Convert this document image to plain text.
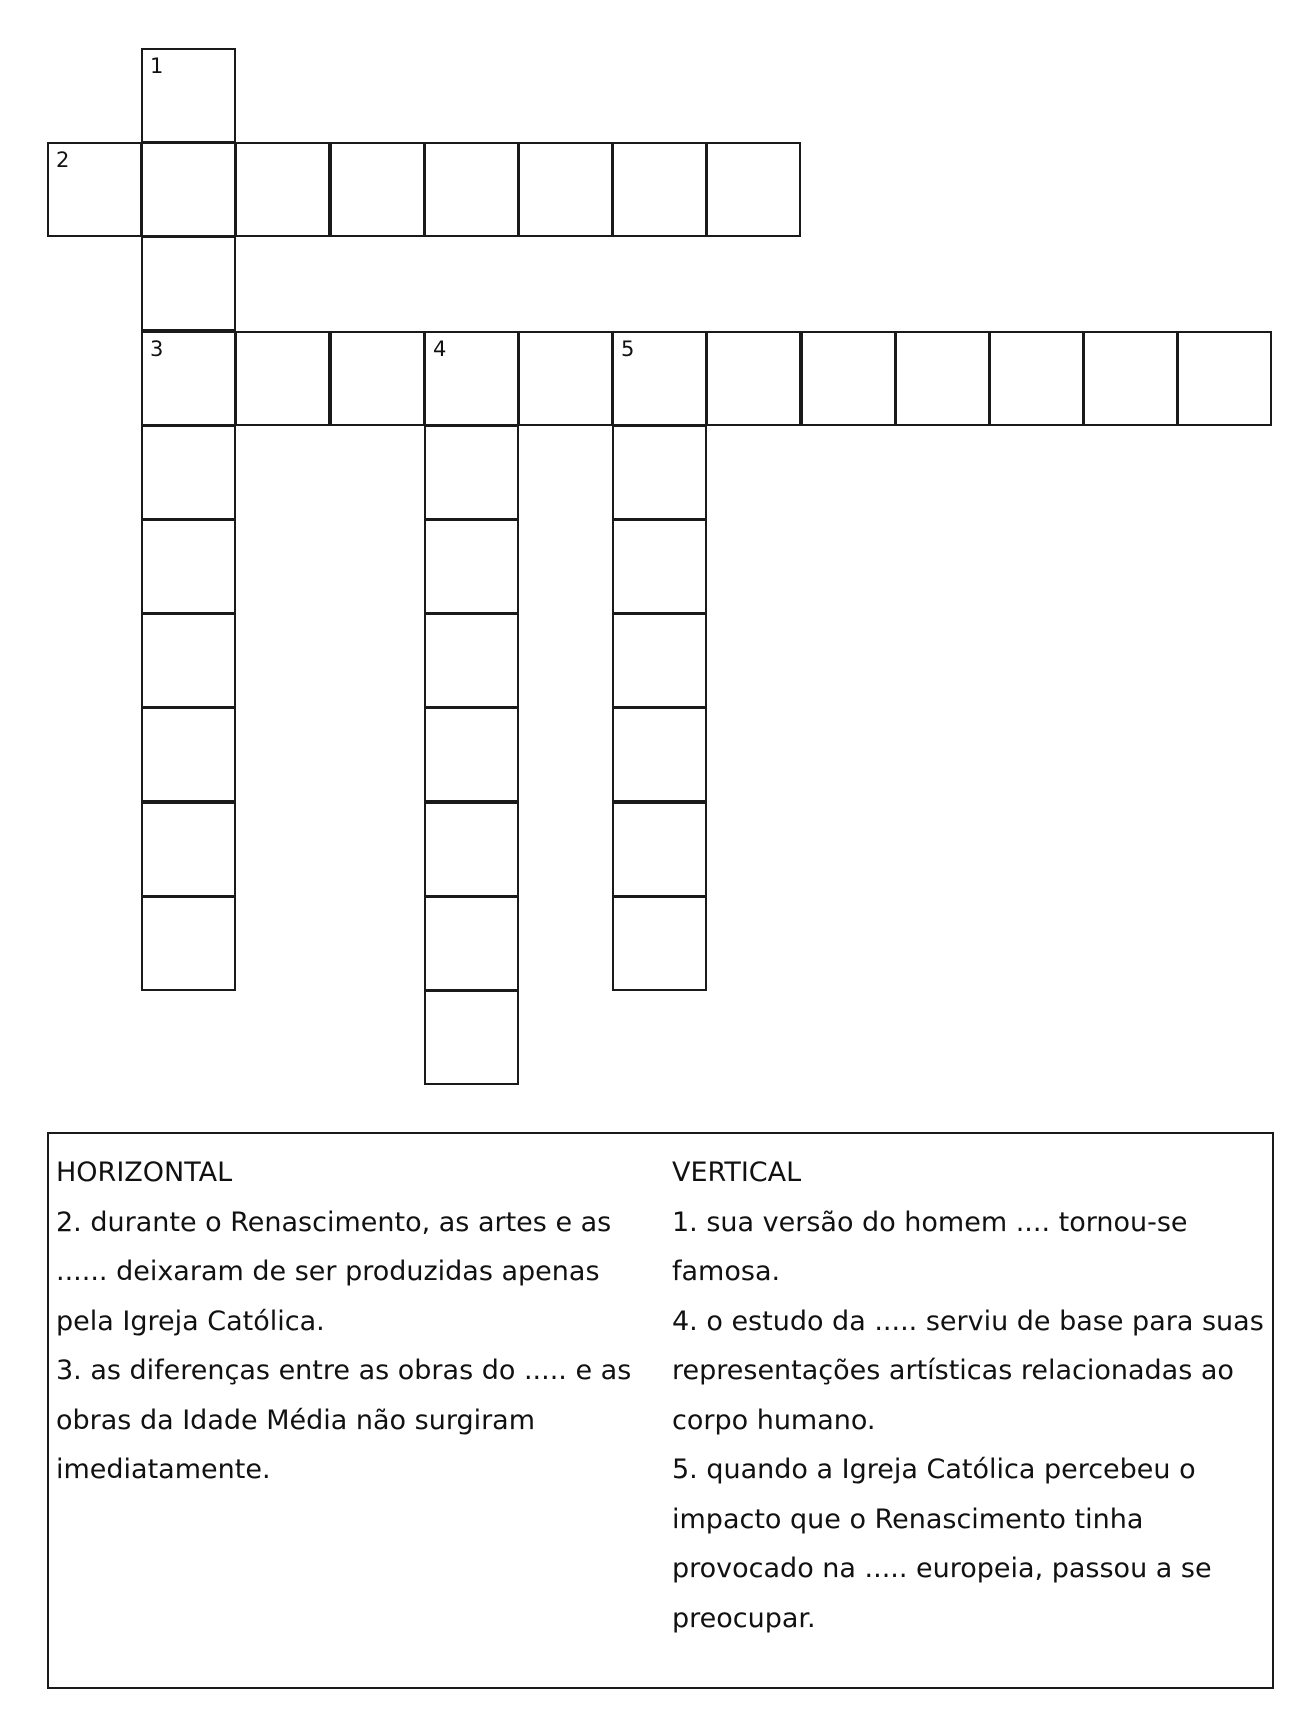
1
2
3	4	5

HORIZONTAL

2. durante o Renascimento, as artes e as ...... deixaram de ser produzidas apenas pela Igreja Católica.

3. as diferenças entre as obras do ..... e as obras da Idade Média não surgiram imediatamente.

VERTICAL

1. sua versão do homem .... tornou-se famosa.

4. o estudo da ..... serviu de base para suas representações artísticas relacionadas ao corpo humano.

5. quando a Igreja Católica percebeu o impacto que o Renascimento tinha provocado na ..... europeia, passou a se preocupar.
